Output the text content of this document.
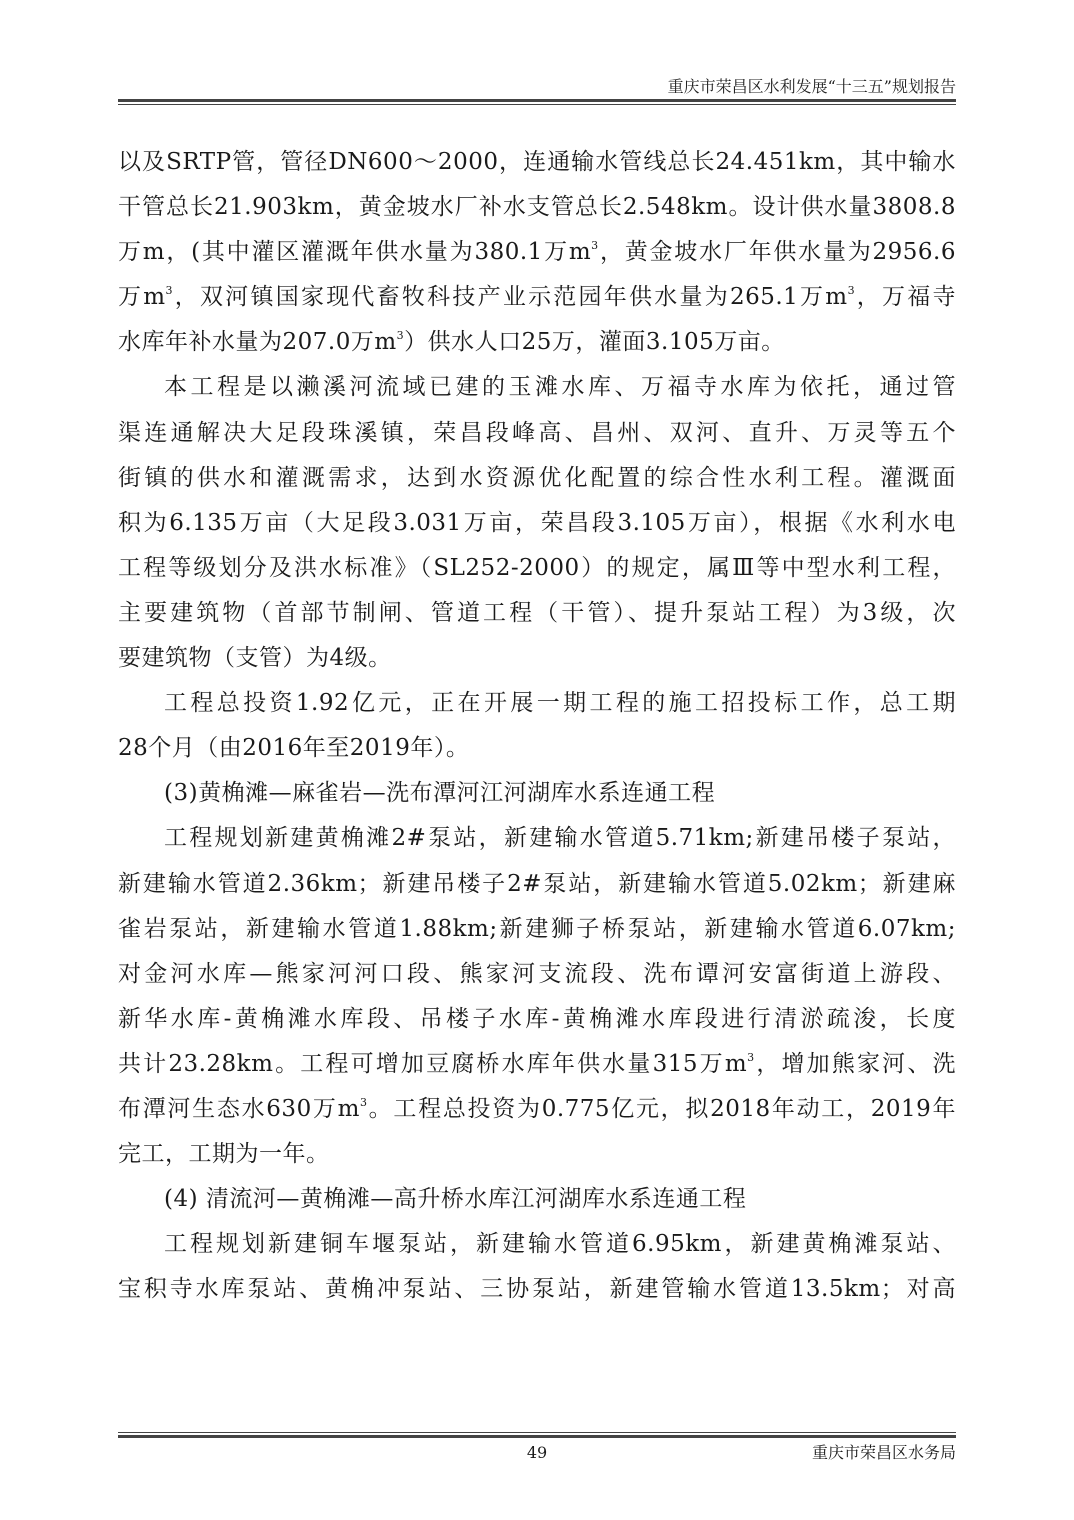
重庆市荣昌区水利发展“十三五”规划报告
以及SRTP管，管径DN600～2000，连通输水管线总长24.451km，其中输水
干管总长21.903km，黄金坡水厂补水支管总长2.548km。设计供水量3808.8
万m，(其中灌区灌溉年供水量为380.1万$m^3$，黄金坡水厂年供水量为2956.6
万$m^3$，双河镇国家现代畜牧科技产业示范园年供水量为265.1万$m^3$，万福寺
水库年补水量为207.0万$m^3$）供水人口25万，灌面3.105万亩。
本工程是以濑溪河流域已建的玉滩水库、万福寺水库为依托，通过管
渠连通解决大足段珠溪镇，荣昌段峰高、昌州、双河、直升、万灵等五个
街镇的供水和灌溉需求，达到水资源优化配置的综合性水利工程。灌溉面
积为6.135万亩（大足段3.031万亩，荣昌段3.105万亩），根据《水利水电
工程等级划分及洪水标准》（SL252-2000）的规定，属Ⅲ等中型水利工程，
主要建筑物（首部节制闸、管道工程（干管）、提升泵站工程）为3级，次
要建筑物（支管）为4级。
工程总投资1.92亿元，正在开展一期工程的施工招投标工作，总工期
28个月（由2016年至2019年）。
(3)黄桷滩—麻雀岩—洗布潭河江河湖库水系连通工程
工程规划新建黄桷滩2#泵站，新建输水管道5.71km;新建吊楼子泵站，
新建输水管道2.36km；新建吊楼子2#泵站，新建输水管道5.02km；新建麻
雀岩泵站，新建输水管道1.88km;新建狮子桥泵站，新建输水管道6.07km;
对金河水库—熊家河河口段、熊家河支流段、洗布谭河安富街道上游段、
新华水库-黄桷滩水库段、吊楼子水库-黄桷滩水库段进行清淤疏浚，长度
共计23.28km。工程可增加豆腐桥水库年供水量315万$m^3$，增加熊家河、洗
布潭河生态水630万$m^3$。工程总投资为0.775亿元，拟2018年动工，2019年
完工，工期为一年。
(4) 清流河—黄桷滩—高升桥水库江河湖库水系连通工程
工程规划新建铜车堰泵站，新建输水管道6.95km，新建黄桷滩泵站、
宝积寺水库泵站、黄桷冲泵站、三协泵站，新建管输水管道13.5km；对高
49	重庆市荣昌区水务局
